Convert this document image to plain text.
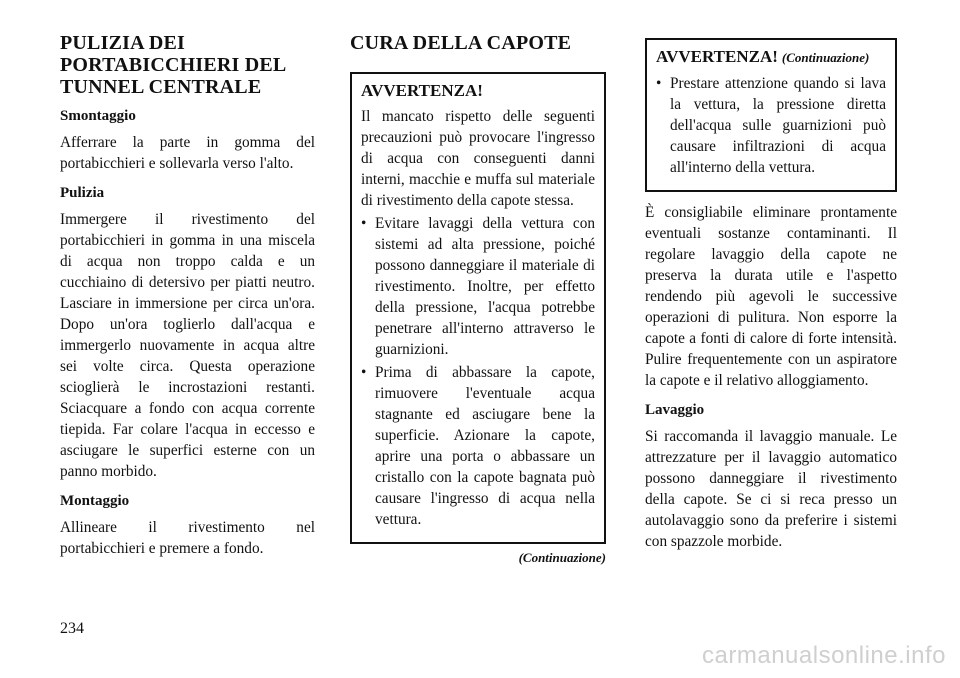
PULIZIA DEI PORTABICCHIERI DEL TUNNEL CENTRALE
Smontaggio

Afferrare la parte in gomma del portabicchieri e sollevarla verso l'alto.

Pulizia

Immergere il rivestimento del portabicchieri in gomma in una miscela di acqua non troppo calda e un cucchiaino di detersivo per piatti neutro. Lasciare in immersione per circa un'ora. Dopo un'ora toglierlo dall'acqua e immergerlo nuovamente in acqua altre sei volte circa. Questa operazione scioglierà le incrostazioni restanti. Sciacquare a fondo con acqua corrente tiepida. Far colare l'acqua in eccesso e asciugare le superfici esterne con un panno morbido.

Montaggio

Allineare il rivestimento nel portabicchieri e premere a fondo.

CURA DELLA CAPOTE
AVVERTENZA!

Il mancato rispetto delle seguenti precauzioni può provocare l'ingresso di acqua con conseguenti danni interni, macchie e muffa sul materiale di rivestimento della capote stessa.

• Evitare lavaggi della vettura con sistemi ad alta pressione, poiché possono danneggiare il materiale di rivestimento. Inoltre, per effetto della pressione, l'acqua potrebbe penetrare all'interno attraverso le guarnizioni.
• Prima di abbassare la capote, rimuovere l'eventuale acqua stagnante ed asciugare bene la superficie. Azionare la capote, aprire una porta o abbassare un cristallo con la capote bagnata può causare l'ingresso di acqua nella vettura.
(Continuazione)
AVVERTENZA! (Continuazione)
• Prestare attenzione quando si lava la vettura, la pressione diretta dell'acqua sulle guarnizioni può causare infiltrazioni di acqua all'interno della vettura.

È consigliabile eliminare prontamente eventuali sostanze contaminanti. Il regolare lavaggio della capote ne preserva la durata utile e l'aspetto rendendo più agevoli le successive operazioni di pulitura. Non esporre la capote a fonti di calore di forte intensità. Pulire frequentemente con un aspiratore la capote e il relativo alloggiamento.

Lavaggio

Si raccomanda il lavaggio manuale. Le attrezzature per il lavaggio automatico possono danneggiare il rivestimento della capote. Se ci si reca presso un autolavaggio sono da preferire i sistemi con spazzole morbide.

234
carmanualsonline.info
